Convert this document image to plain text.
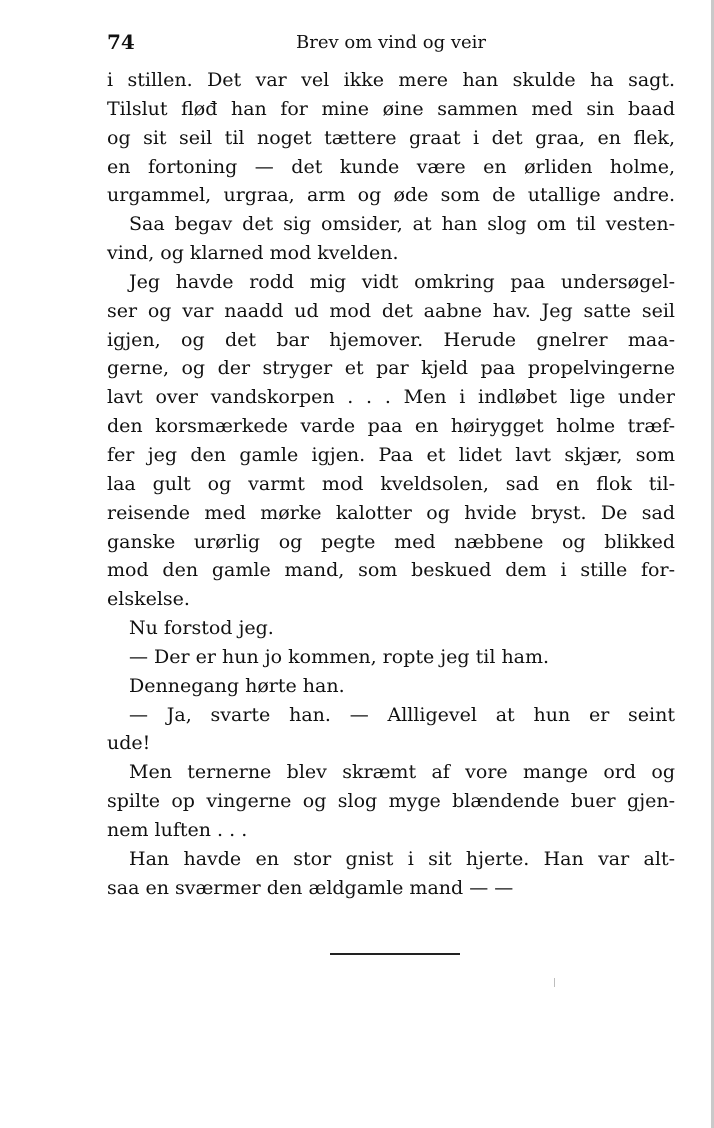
74	Brev om vind og veir
i stillen. Det var vel ikke mere han skulde ha sagt.
Tilslut fløđ han for mine øine sammen med sin baad
og sit seil til noget tættere graat i det graa, en flek,
en fortoning — det kunde være en ørliden holme,
urgammel, urgraa, arm og øde som de utallige andre.
Saa begav det sig omsider, at han slog om til vesten-
vind, og klarned mod kvelden.
Jeg havde rodd mig vidt omkring paa undersøgel-
ser og var naadd ud mod det aabne hav. Jeg satte seil
igjen, og det bar hjemover. Herude gnelrer maa-
gerne, og der stryger et par kjeld paa propelvingerne
lavt over vandskorpen . . . Men i indløbet lige under
den korsmærkede varde paa en høirygget holme træf-
fer jeg den gamle igjen. Paa et lidet lavt skjær, som
laa gult og varmt mod kveldsolen, sad en flok til-
reisende med mørke kalotter og hvide bryst. De sad
ganske urørlig og pegte med næbbene og blikked
mod den gamle mand, som beskued dem i stille for-
elskelse.
Nu forstod jeg.
— Der er hun jo kommen, ropte jeg til ham.
Dennegang hørte han.
— Ja, svarte han. — Allligevel at hun er seint
ude!
Men ternerne blev skræmt af vore mange ord og
spilte op vingerne og slog myge blændende buer gjen-
nem luften . . .
Han havde en stor gnist i sit hjerte. Han var alt-
saa en sværmer den ældgamle mand — —
